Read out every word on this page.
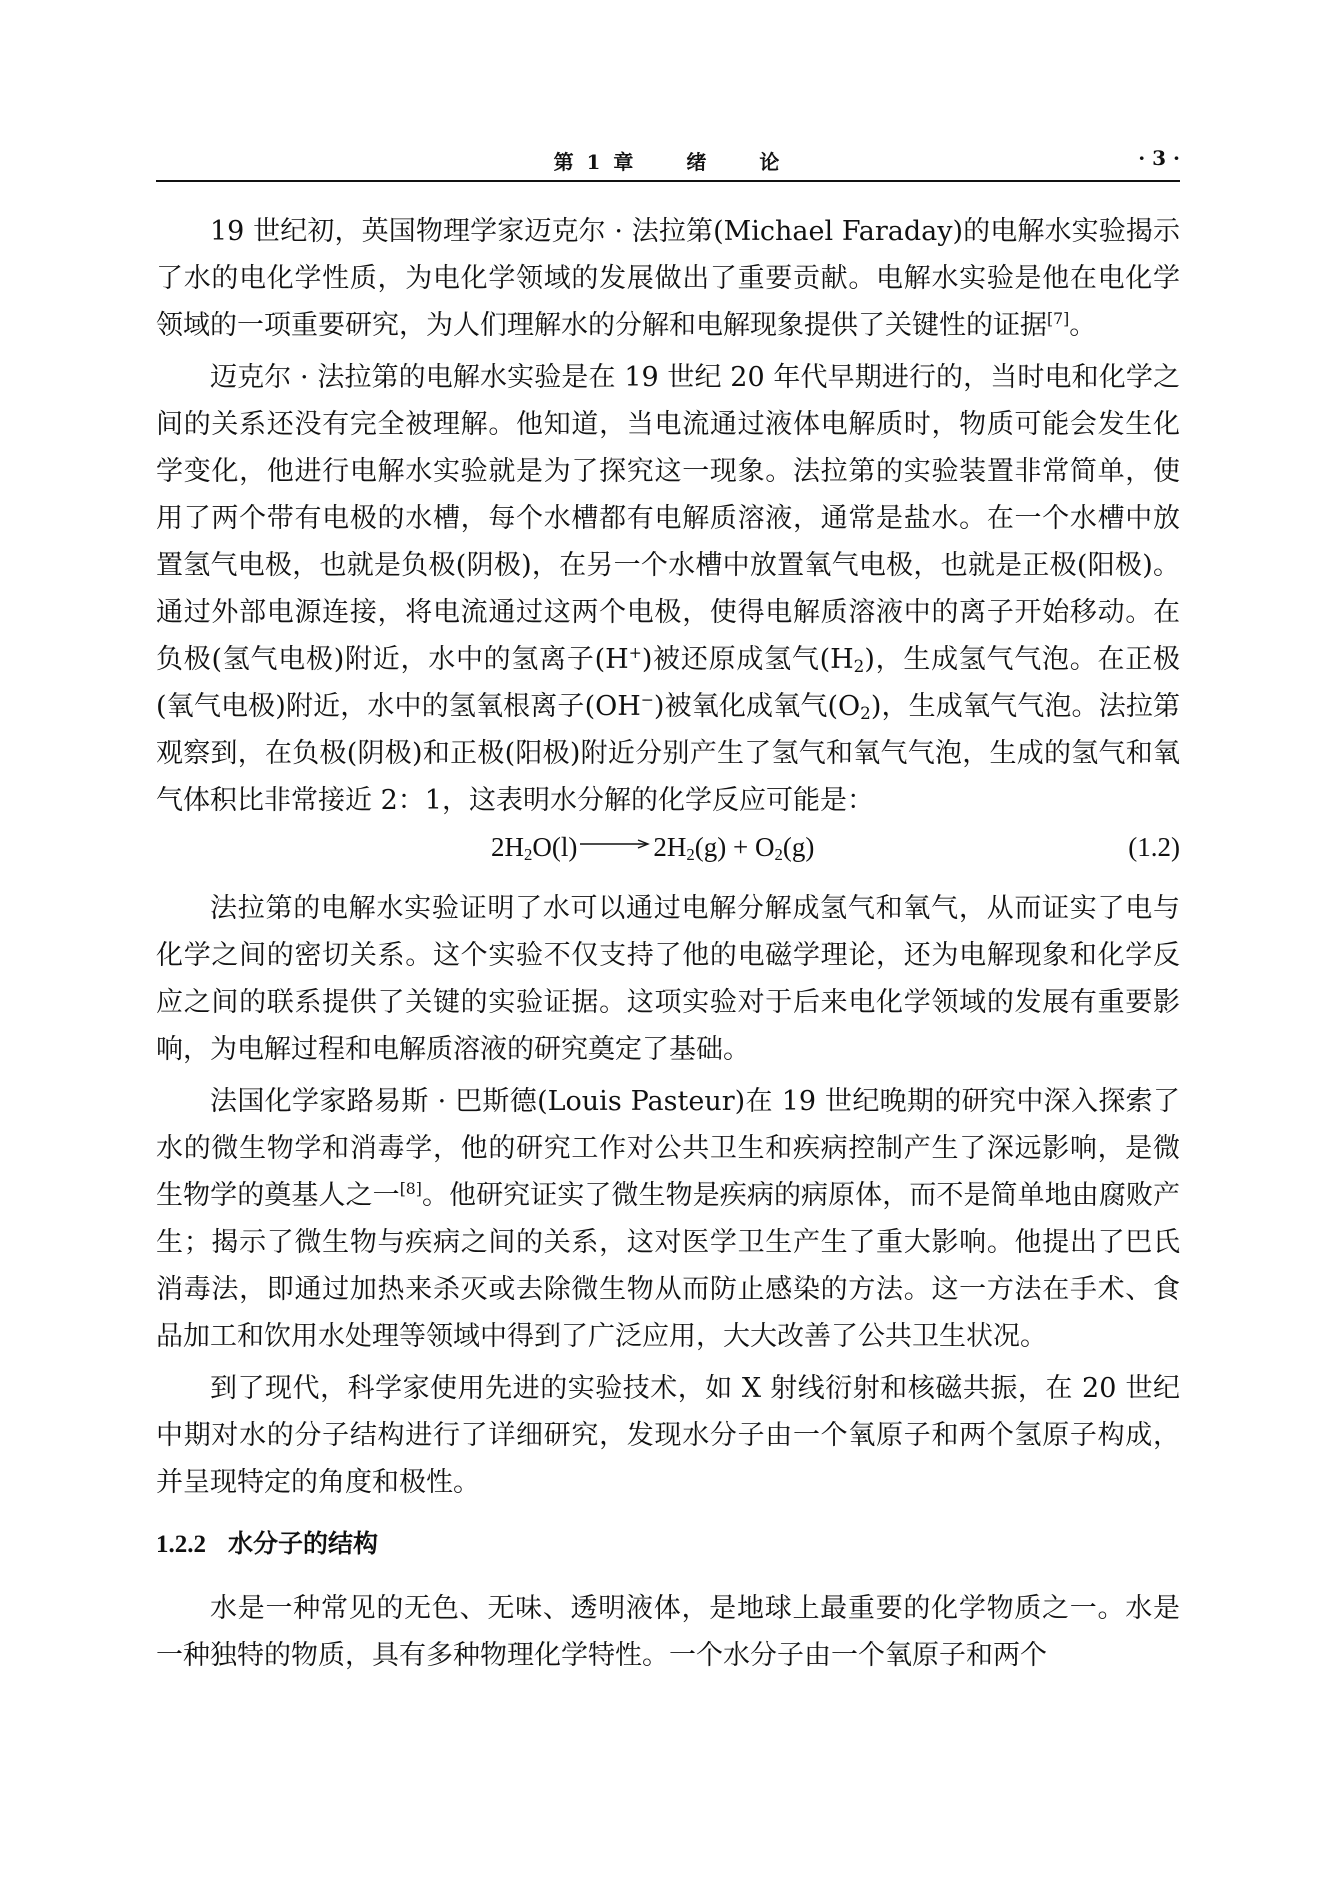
第 1 章	绪	论	· 3 ·

19 世纪初，英国物理学家迈克尔 · 法拉第(Michael Faraday)的电解水实验揭示了水的电化学性质，为电化学领域的发展做出了重要贡献。电解水实验是他在电化学领域的一项重要研究，为人们理解水的分解和电解现象提供了关键性的证据[7]。

迈克尔 · 法拉第的电解水实验是在 19 世纪 20 年代早期进行的，当时电和化学之间的关系还没有完全被理解。他知道，当电流通过液体电解质时，物质可能会发生化学变化，他进行电解水实验就是为了探究这一现象。法拉第的实验装置非常简单，使用了两个带有电极的水槽，每个水槽都有电解质溶液，通常是盐水。在一个水槽中放置氢气电极，也就是负极(阴极)，在另一个水槽中放置氧气电极，也就是正极(阳极)。通过外部电源连接，将电流通过这两个电极，使得电解质溶液中的离子开始移动。在负极(氢气电极)附近，水中的氢离子(H+)被还原成氢气$(H_2)$，生成氢气气泡。在正极(氧气电极)附近，水中的氢氧根离子(OH−)被氧化成氧气$(O_2)$，生成氧气气泡。法拉第观察到，在负极(阴极)和正极(阳极)附近分别产生了氢气和氧气气泡，生成的氢气和氧气体积比非常接近 2：1，这表明水分解的化学反应可能是：

$2H_2O(l) \to 2H_2(g) + O_2(g)$	(1.2)

法拉第的电解水实验证明了水可以通过电解分解成氢气和氧气，从而证实了电与化学之间的密切关系。这个实验不仅支持了他的电磁学理论，还为电解现象和化学反应之间的联系提供了关键的实验证据。这项实验对于后来电化学领域的发展有重要影响，为电解过程和电解质溶液的研究奠定了基础。

法国化学家路易斯 · 巴斯德(Louis Pasteur)在 19 世纪晚期的研究中深入探索了水的微生物学和消毒学，他的研究工作对公共卫生和疾病控制产生了深远影响，是微生物学的奠基人之一[8]。他研究证实了微生物是疾病的病原体，而不是简单地由腐败产生；揭示了微生物与疾病之间的关系，这对医学卫生产生了重大影响。他提出了巴氏消毒法，即通过加热来杀灭或去除微生物从而防止感染的方法。这一方法在手术、食品加工和饮用水处理等领域中得到了广泛应用，大大改善了公共卫生状况。

到了现代，科学家使用先进的实验技术，如 X 射线衍射和核磁共振，在 20 世纪中期对水的分子结构进行了详细研究，发现水分子由一个氧原子和两个氢原子构成，并呈现特定的角度和极性。

1.2.2 水分子的结构

水是一种常见的无色、无味、透明液体，是地球上最重要的化学物质之一。水是一种独特的物质，具有多种物理化学特性。一个水分子由一个氧原子和两个
